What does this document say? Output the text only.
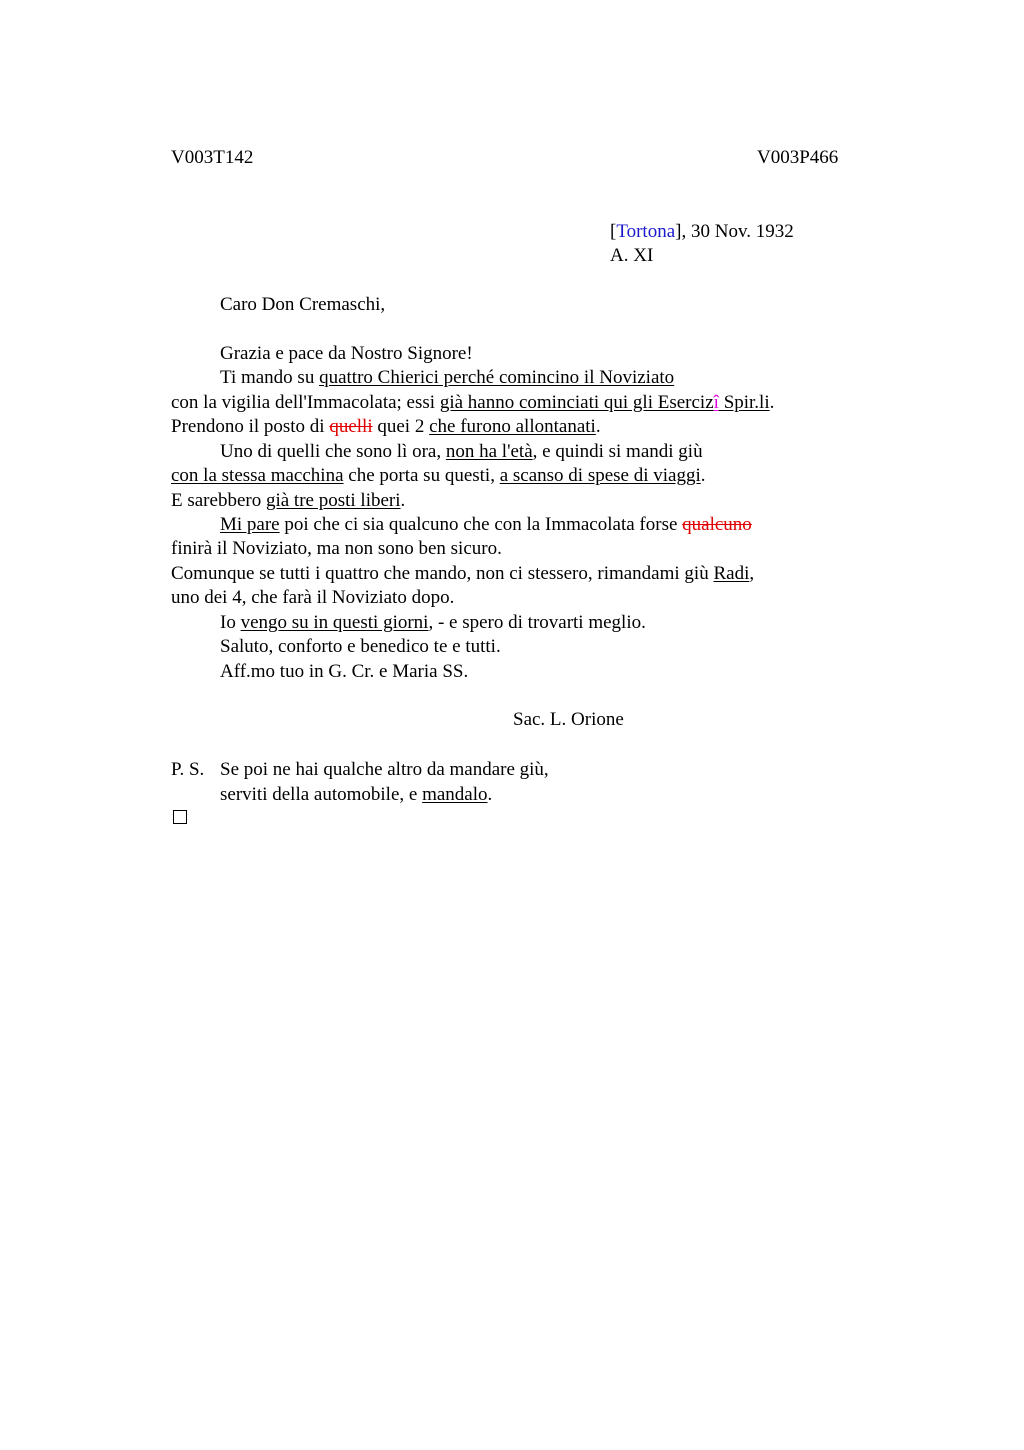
V003T142	V003P466
[Tortona], 30 Nov. 1932
A. XI
Caro Don Cremaschi,
Grazia e pace da Nostro Signore!
Ti mando su quattro Chierici perché comincino il Noviziato
con la vigilia dell'Immacolata; essi già hanno cominciati qui gli Esercizî Spir.li.
Prendono il posto di quelli quei 2 che furono allontanati.
Uno di quelli che sono lì ora, non ha l'età, e quindi si mandi giù
con la stessa macchina che porta su questi, a scanso di spese di viaggi.
E sarebbero già tre posti liberi.
Mi pare poi che ci sia qualcuno che con la Immacolata forse qualcuno
finirà il Noviziato, ma non sono ben sicuro.
Comunque se tutti i quattro che mando, non ci stessero, rimandami giù Radi,
uno dei 4, che farà il Noviziato dopo.
Io vengo su in questi giorni, - e spero di trovarti meglio.
Saluto, conforto e benedico te e tutti.
Aff.mo tuo in G. Cr. e Maria SS.
Sac. L. Orione
P. S. Se poi ne hai qualche altro da mandare giù,
serviti della automobile, e mandalo.
